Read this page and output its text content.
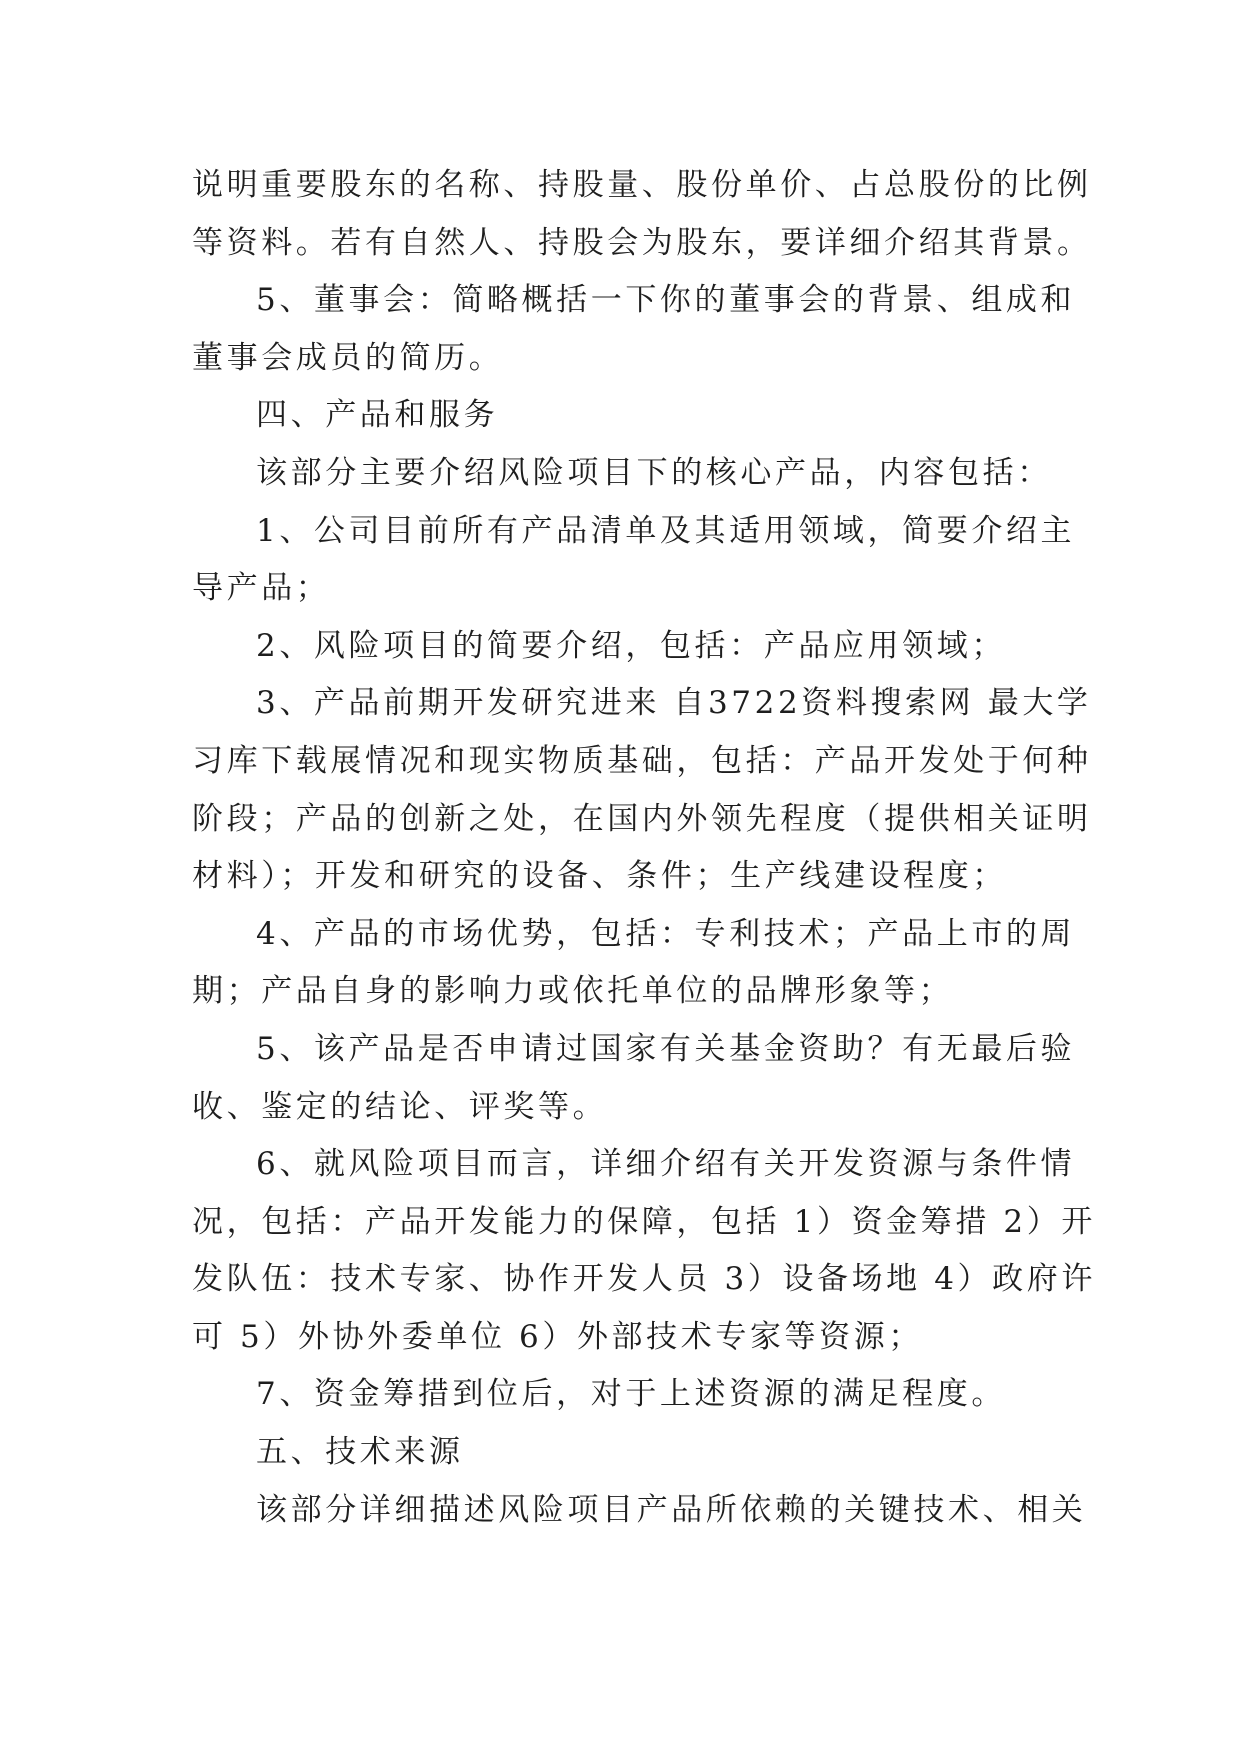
说明重要股东的名称、持股量、股份单价、占总股份的比例
等资料。若有自然人、持股会为股东，要详细介绍其背景。
5、董事会：简略概括一下你的董事会的背景、组成和
董事会成员的简历。
四、产品和服务
该部分主要介绍风险项目下的核心产品，内容包括：
1、公司目前所有产品清单及其适用领域，简要介绍主
导产品；
2、风险项目的简要介绍，包括：产品应用领域；
3、产品前期开发研究进来 自3722资料搜索网 最大学
习库下载展情况和现实物质基础，包括：产品开发处于何种
阶段；产品的创新之处，在国内外领先程度（提供相关证明
材料）；开发和研究的设备、条件；生产线建设程度；
4、产品的市场优势，包括：专利技术；产品上市的周
期；产品自身的影响力或依托单位的品牌形象等；
5、该产品是否申请过国家有关基金资助？有无最后验
收、鉴定的结论、评奖等。
6、就风险项目而言，详细介绍有关开发资源与条件情
况，包括：产品开发能力的保障，包括 1）资金筹措 2）开
发队伍：技术专家、协作开发人员 3）设备场地 4）政府许
可 5）外协外委单位 6）外部技术专家等资源；
7、资金筹措到位后，对于上述资源的满足程度。
五、技术来源
该部分详细描述风险项目产品所依赖的关键技术、相关
